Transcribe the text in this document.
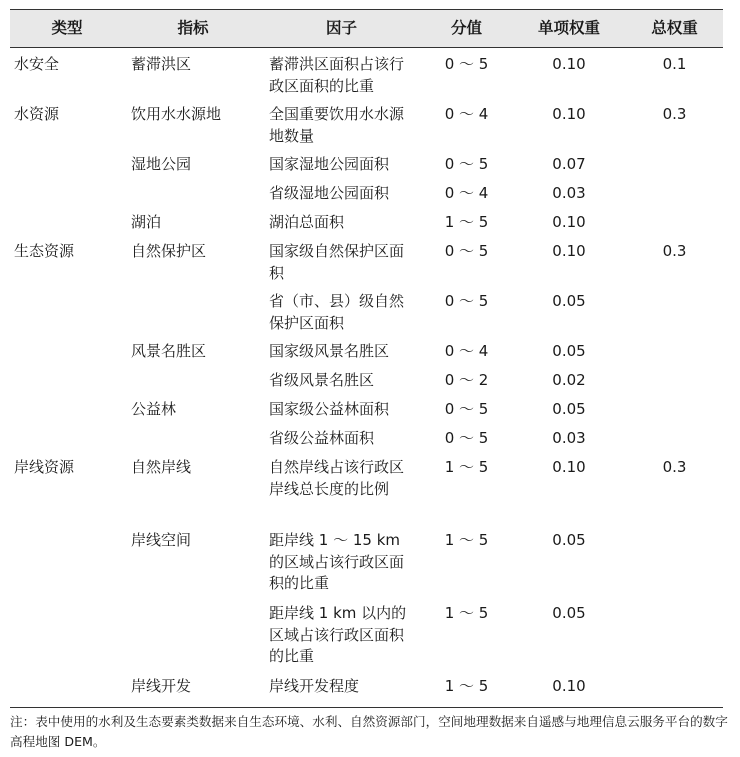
类型	指标	因子	分值	单项权重	总权重
水安全	蓄滞洪区	蓄滞洪区面积占该行政区面积的比重	0 ～ 5	0.10	0.1
水资源	饮用水水源地	全国重要饮用水水源地数量	0 ～ 4	0.10	0.3
	湿地公园	国家湿地公园面积	0 ～ 5	0.07	
		省级湿地公园面积	0 ～ 4	0.03	
	湖泊	湖泊总面积	1 ～ 5	0.10	
生态资源	自然保护区	国家级自然保护区面积	0 ～ 5	0.10	0.3
		省（市、县）级自然保护区面积	0 ～ 5	0.05	
	风景名胜区	国家级风景名胜区	0 ～ 4	0.05	
		省级风景名胜区	0 ～ 2	0.02	
	公益林	国家级公益林面积	0 ～ 5	0.05	
		省级公益林面积	0 ～ 5	0.03	
岸线资源	自然岸线	自然岸线占该行政区岸线总长度的比例	1 ～ 5	0.10	0.3
	岸线空间	距岸线 1 ～ 15 km 的区域占该行政区面积的比重	1 ～ 5	0.05	
		距岸线 1 km 以内的区域占该行政区面积的比重	1 ～ 5	0.05	
	岸线开发	岸线开发程度	1 ～ 5	0.10	
注：表中使用的水利及生态要素类数据来自生态环境、水利、自然资源部门，空间地理数据来自遥感与地理信息云服务平台的数字高程地图 DEM。
